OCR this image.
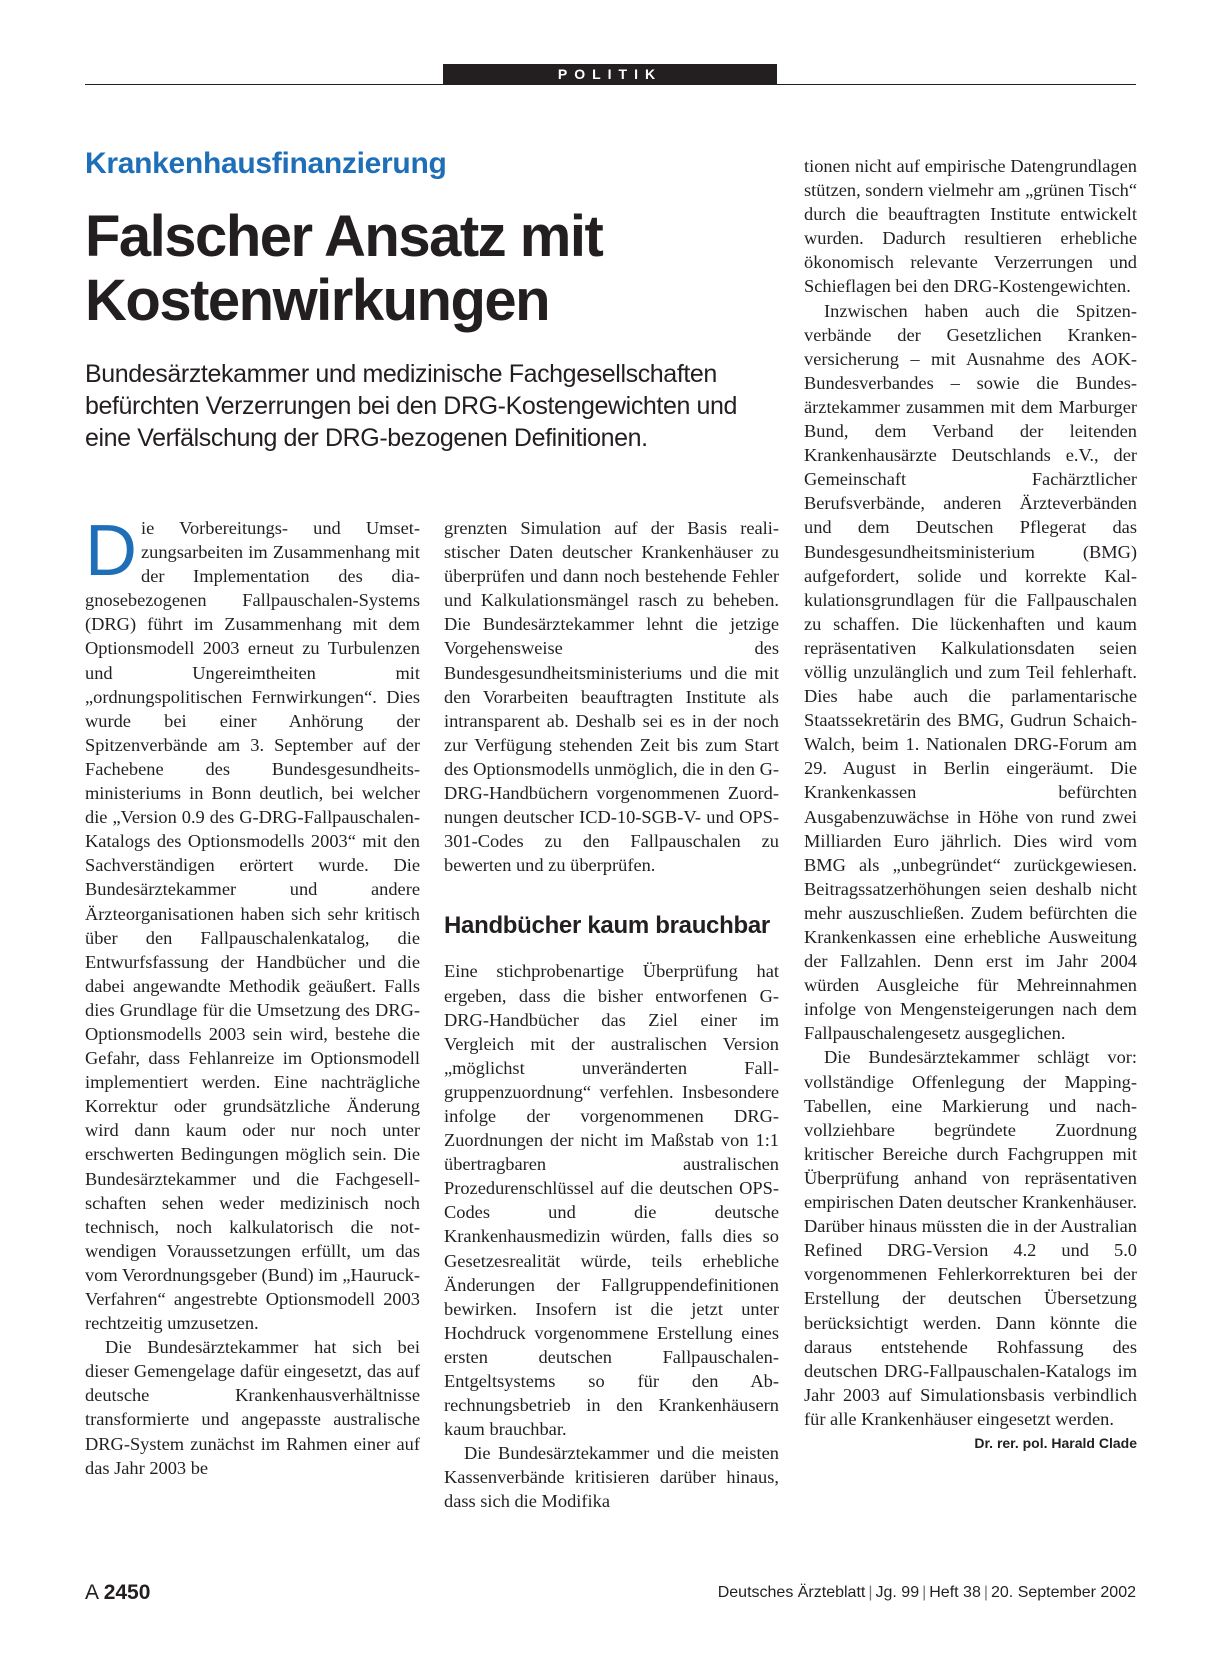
POLITIK
Krankenhausfinanzierung
Falscher Ansatz mit Kostenwirkungen

Bundesärztekammer und medizinische Fachgesellschaften befürchten Verzerrungen bei den DRG-Kostengewichten und eine Verfälschung der DRG-bezogenen Definitionen.

Die Vorbereitungs- und Umsetzungsarbeiten im Zusammenhang mit der Implementation des diagnosebezogenen Fallpauschalen-Systems (DRG) führt im Zusammenhang mit dem Optionsmodell 2003 erneut zu Turbulenzen und Ungereimtheiten mit „ordnungspolitischen Fernwirkungen“. Dies wurde bei einer Anhörung der Spitzenverbände am 3. September auf der Fachebene des Bundesgesundheitsministeriums in Bonn deutlich, bei welcher die „Version 0.9 des G-DRG-Fallpauschalen-Katalogs des Optionsmodells 2003“ mit den Sachverständigen erörtert wurde. Die Bundesärztekammer und andere Ärzteorganisationen haben sich sehr kritisch über den Fallpauschalenkatalog, die Entwurfsfassung der Handbücher und die dabei angewandte Methodik geäußert. Falls dies Grundlage für die Umsetzung des DRG-Optionsmodells 2003 sein wird, bestehe die Gefahr, dass Fehlanreize im Optionsmodell implementiert werden. Eine nachträgliche Korrektur oder grundsätzliche Änderung wird dann kaum oder nur noch unter erschwerten Bedingungen möglich sein. Die Bundesärztekammer und die Fachgesellschaften sehen weder medizinisch noch technisch, noch kalkulatorisch die notwendigen Voraussetzungen erfüllt, um das vom Verordnungsgeber (Bund) im „Hauruck-Verfahren“ angestrebte Optionsmodell 2003 rechtzeitig umzusetzen.

Die Bundesärztekammer hat sich bei dieser Gemengelage dafür eingesetzt, das auf deutsche Krankenhausverhältnisse transformierte und angepasste australische DRG-System zunächst im Rahmen einer auf das Jahr 2003 be

grenzten Simulation auf der Basis realistischer Daten deutscher Krankenhäuser zu überprüfen und dann noch bestehende Fehler und Kalkulationsmängel rasch zu beheben. Die Bundesärztekammer lehnt die jetzige Vorgehensweise des Bundesgesundheitsministeriums und die mit den Vorarbeiten beauftragten Institute als intransparent ab. Deshalb sei es in der noch zur Verfügung stehenden Zeit bis zum Start des Optionsmodells unmöglich, die in den G-DRG-Handbüchern vorgenommenen Zuordnungen deutscher ICD-10-SGB-V- und OPS-301-Codes zu den Fallpauschalen zu bewerten und zu überprüfen.

Handbücher kaum brauchbar

Eine stichprobenartige Überprüfung hat ergeben, dass die bisher entworfenen G-DRG-Handbücher das Ziel einer im Vergleich mit der australischen Version „möglichst unveränderten Fallgruppenzuordnung“ verfehlen. Insbesondere infolge der vorgenommenen DRG-Zuordnungen der nicht im Maßstab von 1:1 übertragbaren australischen Prozedurenschlüssel auf die deutschen OPS-Codes und die deutsche Krankenhausmedizin würden, falls dies so Gesetzesrealität würde, teils erhebliche Änderungen der Fallgruppendefinitionen bewirken. Insofern ist die jetzt unter Hochdruck vorgenommene Erstellung eines ersten deutschen Fallpauschalen-Entgeltsystems so für den Abrechnungsbetrieb in den Krankenhäusern kaum brauchbar.

Die Bundesärztekammer und die meisten Kassenverbände kritisieren darüber hinaus, dass sich die Modifika

tionen nicht auf empirische Datengrundlagen stützen, sondern vielmehr am „grünen Tisch“ durch die beauftragten Institute entwickelt wurden. Dadurch resultieren erhebliche ökonomisch relevante Verzerrungen und Schieflagen bei den DRG-Kostengewichten.

Inzwischen haben auch die Spitzenverbände der Gesetzlichen Krankenversicherung – mit Ausnahme des AOK-Bundesverbandes – sowie die Bundesärztekammer zusammen mit dem Marburger Bund, dem Verband der leitenden Krankenhausärzte Deutschlands e.V., der Gemeinschaft Fachärztlicher Berufsverbände, anderen Ärzteverbänden und dem Deutschen Pflegerat das Bundesgesundheitsministerium (BMG) aufgefordert, solide und korrekte Kalkulationsgrundlagen für die Fallpauschalen zu schaffen. Die lückenhaften und kaum repräsentativen Kalkulationsdaten seien völlig unzulänglich und zum Teil fehlerhaft. Dies habe auch die parlamentarische Staatssekretärin des BMG, Gudrun Schaich-Walch, beim 1. Nationalen DRG-Forum am 29. August in Berlin eingeräumt. Die Krankenkassen befürchten Ausgabenzuwächse in Höhe von rund zwei Milliarden Euro jährlich. Dies wird vom BMG als „unbegründet“ zurückgewiesen. Beitragssatzerhöhungen seien deshalb nicht mehr auszuschließen. Zudem befürchten die Krankenkassen eine erhebliche Ausweitung der Fallzahlen. Denn erst im Jahr 2004 würden Ausgleiche für Mehreinnahmen infolge von Mengensteigerungen nach dem Fallpauschalengesetz ausgeglichen.

Die Bundesärztekammer schlägt vor: vollständige Offenlegung der Mapping-Tabellen, eine Markierung und nachvollziehbare begründete Zuordnung kritischer Bereiche durch Fachgruppen mit Überprüfung anhand von repräsentativen empirischen Daten deutscher Krankenhäuser. Darüber hinaus müssten die in der Australian Refined DRG-Version 4.2 und 5.0 vorgenommenen Fehlerkorrekturen bei der Erstellung der deutschen Übersetzung berücksichtigt werden. Dann könnte die daraus entstehende Rohfassung des deutschen DRG-Fallpauschalen-Katalogs im Jahr 2003 auf Simulationsbasis verbindlich für alle Krankenhäuser eingesetzt werden.
Dr. rer. pol. Harald Clade

A 2450	Deutsches Ärzteblatt | Jg. 99 | Heft 38 | 20. September 2002
